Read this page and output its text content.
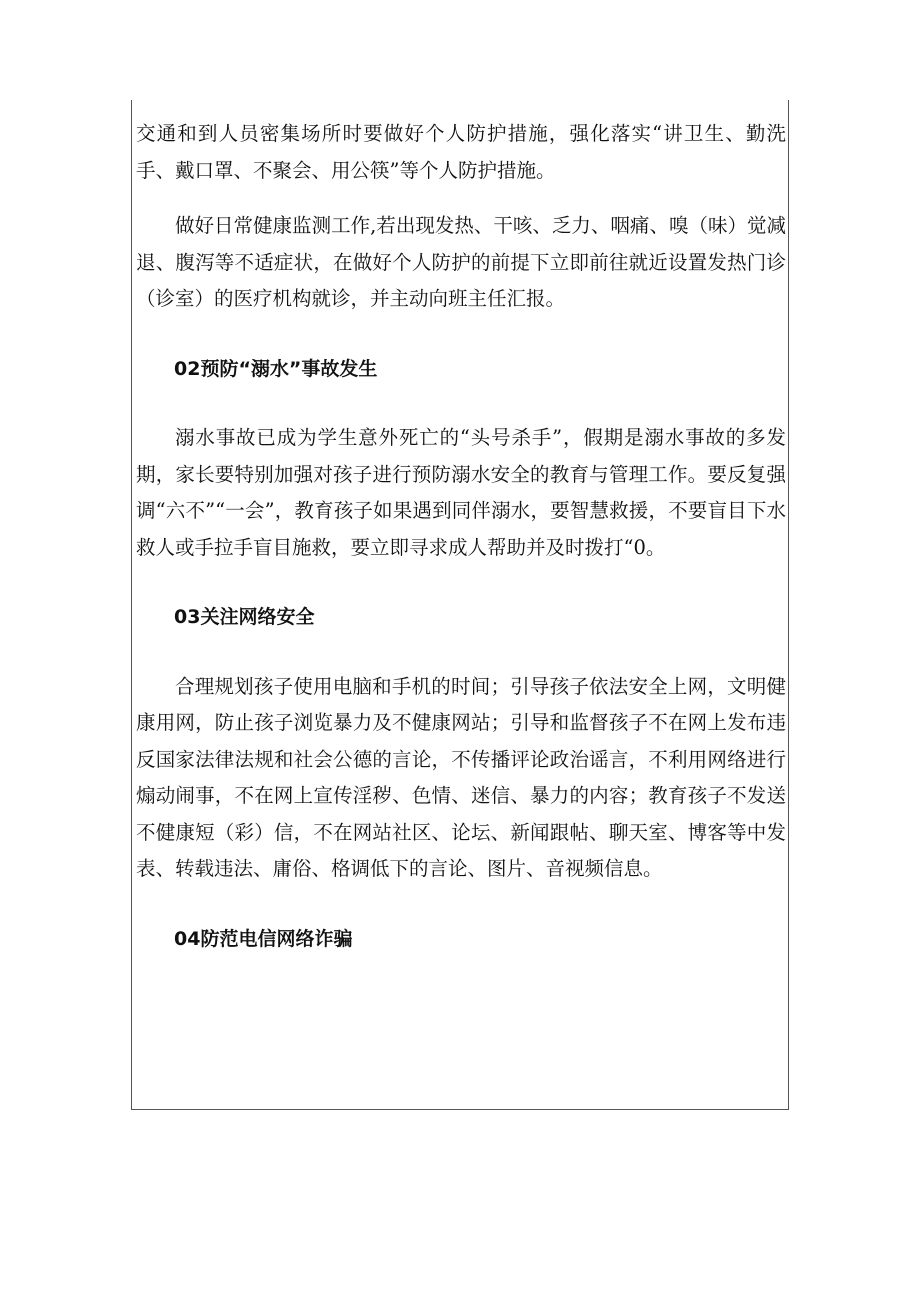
交通和到人员密集场所时要做好个人防护措施，强化落实“讲卫生、勤洗手、戴口罩、不聚会、用公筷”等个人防护措施。

做好日常健康监测工作,若出现发热、干咳、乏力、咽痛、嗅（味）觉减退、腹泻等不适症状，在做好个人防护的前提下立即前往就近设置发热门诊（诊室）的医疗机构就诊，并主动向班主任汇报。

02预防“溺水”事故发生

溺水事故已成为学生意外死亡的“头号杀手”，假期是溺水事故的多发期，家长要特别加强对孩子进行预防溺水安全的教育与管理工作。要反复强调“六不”“一会”，教育孩子如果遇到同伴溺水，要智慧救援，不要盲目下水救人或手拉手盲目施救，要立即寻求成人帮助并及时拨打“0。

03关注网络安全

合理规划孩子使用电脑和手机的时间；引导孩子依法安全上网，文明健康用网，防止孩子浏览暴力及不健康网站；引导和监督孩子不在网上发布违反国家法律法规和社会公德的言论，不传播评论政治谣言，不利用网络进行煽动闹事，不在网上宣传淫秽、色情、迷信、暴力的内容；教育孩子不发送不健康短（彩）信，不在网站社区、论坛、新闻跟帖、聊天室、博客等中发表、转载违法、庸俗、格调低下的言论、图片、音视频信息。

04防范电信网络诈骗
